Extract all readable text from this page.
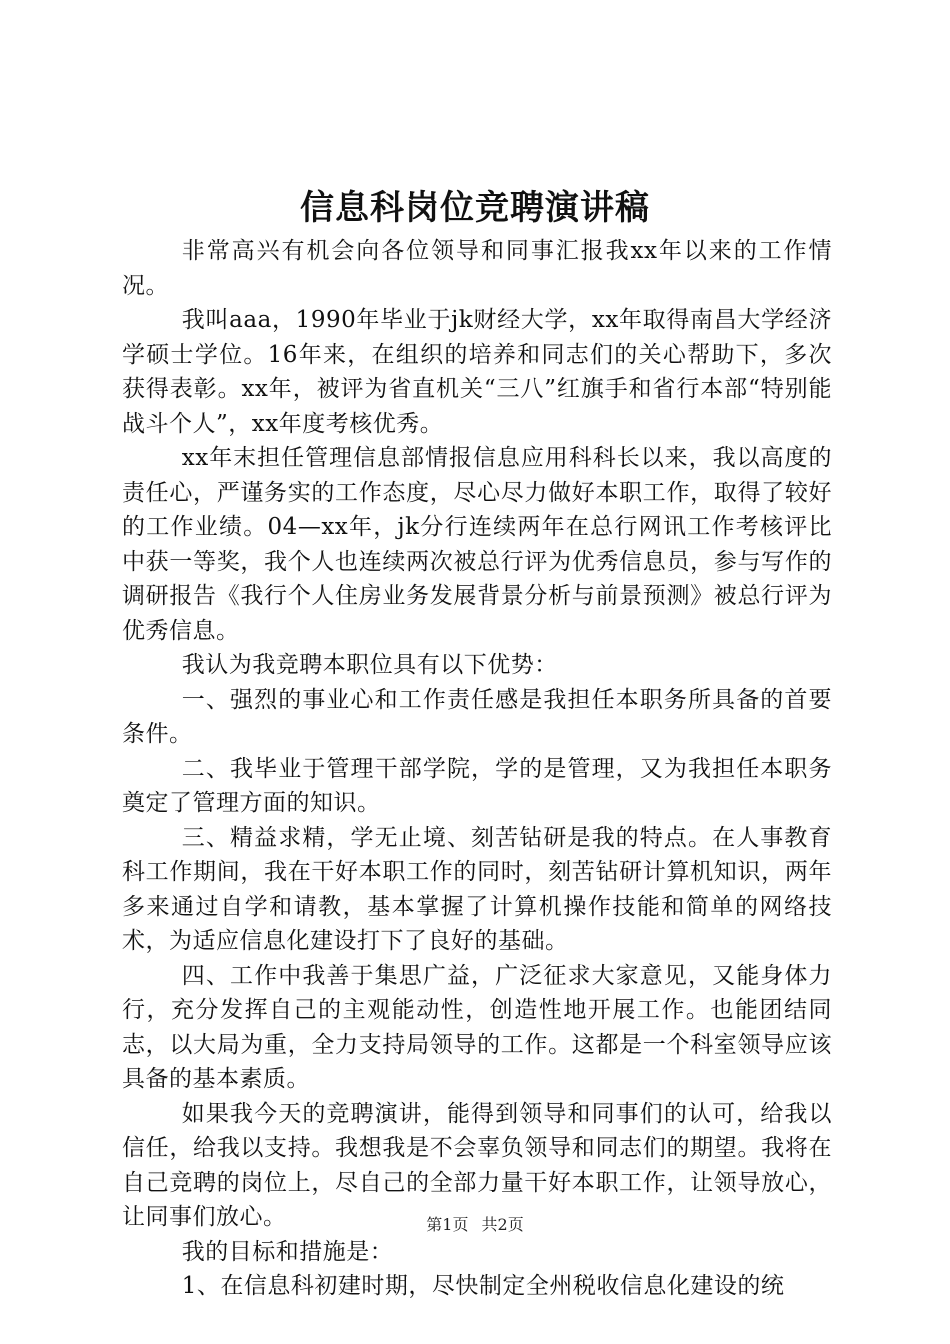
信息科岗位竞聘演讲稿

非常高兴有机会向各位领导和同事汇报我xx年以来的工作情况。

我叫aaa，1990年毕业于jk财经大学，xx年取得南昌大学经济学硕士学位。16年来，在组织的培养和同志们的关心帮助下，多次获得表彰。xx年，被评为省直机关“三八”红旗手和省行本部“特别能战斗个人”，xx年度考核优秀。

xx年末担任管理信息部情报信息应用科科长以来，我以高度的责任心，严谨务实的工作态度，尽心尽力做好本职工作，取得了较好的工作业绩。04—xx年，jk分行连续两年在总行网讯工作考核评比中获一等奖，我个人也连续两次被总行评为优秀信息员，参与写作的调研报告《我行个人住房业务发展背景分析与前景预测》被总行评为优秀信息。

我认为我竞聘本职位具有以下优势：

一、强烈的事业心和工作责任感是我担任本职务所具备的首要条件。

二、我毕业于管理干部学院，学的是管理，又为我担任本职务奠定了管理方面的知识。

三、精益求精，学无止境、刻苦钻研是我的特点。在人事教育科工作期间，我在干好本职工作的同时，刻苦钻研计算机知识，两年多来通过自学和请教，基本掌握了计算机操作技能和简单的网络技术，为适应信息化建设打下了良好的基础。

四、工作中我善于集思广益，广泛征求大家意见，又能身体力行，充分发挥自己的主观能动性，创造性地开展工作。也能团结同志，以大局为重，全力支持局领导的工作。这都是一个科室领导应该具备的基本素质。

如果我今天的竞聘演讲，能得到领导和同事们的认可，给我以信任，给我以支持。我想我是不会辜负领导和同志们的期望。我将在自己竞聘的岗位上，尽自己的全部力量干好本职工作，让领导放心，让同事们放心。

我的目标和措施是：

1、在信息科初建时期，尽快制定全州税收信息化建设的统

第1页 共2页
